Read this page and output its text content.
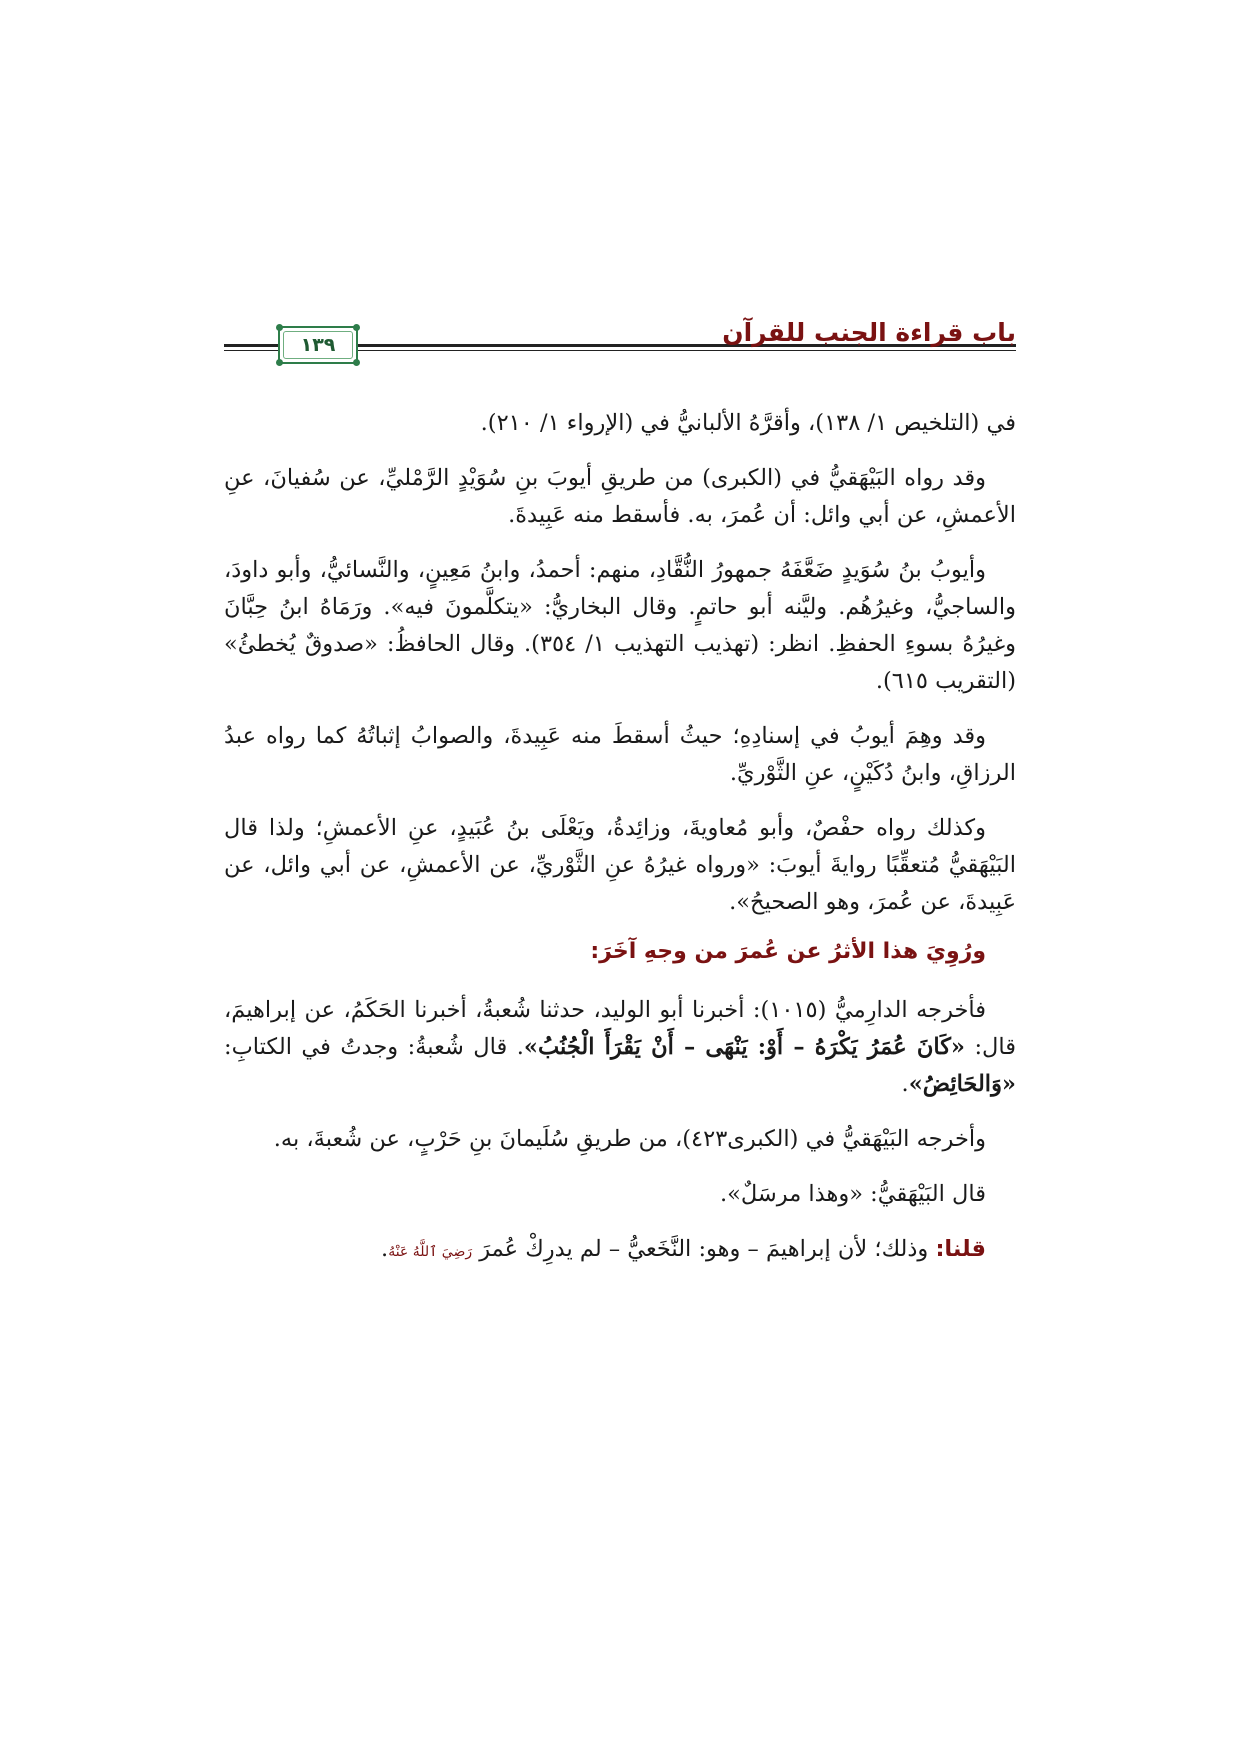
باب قراءة الجنب للقرآن
١٣٩

في (التلخيص ١/ ١٣٨)، وأقرَّهُ الألبانيُّ في (الإرواء ١/ ٢١٠).

وقد رواه البَيْهَقيُّ في (الكبرى) من طريقِ أيوبَ بنِ سُوَيْدٍ الرَّمْليِّ، عن سُفيانَ، عنِ الأعمشِ، عن أبي وائل: أن عُمرَ، به. فأسقط منه عَبِيدةَ.

وأيوبُ بنُ سُوَيدٍ ضَعَّفَهُ جمهورُ النُّقَّادِ، منهم: أحمدُ، وابنُ مَعِينٍ، والنَّسائيُّ، وأبو داودَ، والساجيُّ، وغيرُهُم. وليَّنه أبو حاتمٍ. وقال البخاريُّ: «يتكلَّمونَ فيه». ورَمَاهُ ابنُ حِبَّانَ وغيرُهُ بسوءِ الحفظِ. انظر: (تهذيب التهذيب ١/ ٣٥٤). وقال الحافظُ: «صدوقٌ يُخطئُ» (التقريب ٦١٥).

وقد وهِمَ أيوبُ في إسنادِهِ؛ حيثُ أسقطَ منه عَبِيدةَ، والصوابُ إثباتُهُ كما رواه عبدُ الرزاقِ، وابنُ دُكَيْنٍ، عنِ الثَّوْريِّ.

وكذلك رواه حفْصٌ، وأبو مُعاويةَ، وزائِدةُ، ويَعْلَى بنُ عُبَيدٍ، عنِ الأعمشِ؛ ولذا قال البَيْهَقيُّ مُتعقِّبًا روايةَ أيوبَ: «ورواه غيرُهُ عنِ الثَّوْريِّ، عن الأعمشِ، عن أبي وائل، عن عَبِيدةَ، عن عُمرَ، وهو الصحيحُ».

ورُوِيَ هذا الأثرُ عن عُمرَ من وجهِ آخَرَ:

فأخرجه الدارِميُّ (١٠١٥): أخبرنا أبو الوليد، حدثنا شُعبةُ، أخبرنا الحَكَمُ، عن إبراهيمَ، قال: «كَانَ عُمَرُ يَكْرَهُ – أَوْ: يَنْهَى – أَنْ يَقْرَأَ الْجُنُبُ». قال شُعبةُ: وجدتُ في الكتابِ: «وَالحَائِضُ».

وأخرجه البَيْهَقيُّ في (الكبرى٤٢٣)، من طريقِ سُلَيمانَ بنِ حَرْبٍ، عن شُعبةَ، به.

قال البَيْهَقيُّ: «وهذا مرسَلٌ».

قلنا: وذلك؛ لأن إبراهيمَ – وهو: النَّخَعيُّ – لم يدرِكْ عُمرَ رَضِيَ ٱللَّهُ عَنْهُ.
